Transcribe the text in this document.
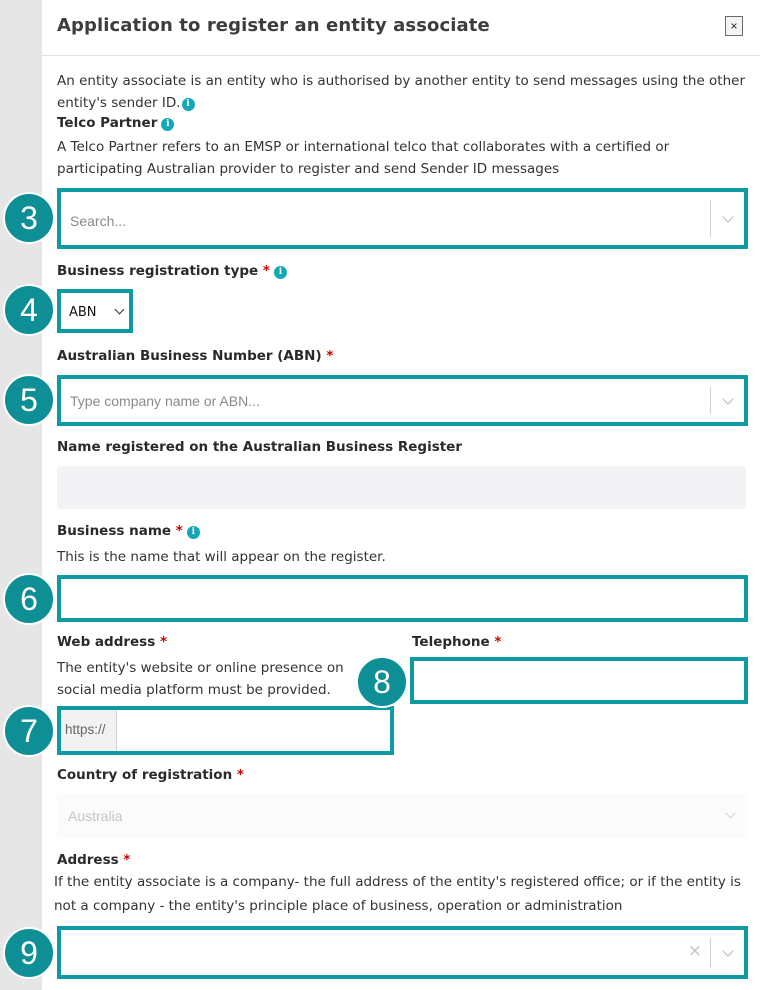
Application to register an entity associate	×
An entity associate is an entity who is authorised by another entity to send messages using the other entity's sender ID. i
Telco Partner i
A Telco Partner refers to an EMSP or international telco that collaborates with a certified or participating Australian provider to register and send Sender ID messages
Search...
Business registration type * i
ABN
Australian Business Number (ABN) *
Type company name or ABN...
Name registered on the Australian Business Register
Business name * i
This is the name that will appear on the register.
Web address *
The entity's website or online presence on social media platform must be provided.
https://
Telephone *
Country of registration *
Australia
Address *
If the entity associate is a company- the full address of the entity's registered office; or if the entity is not a company - the entity's principle place of business, operation or administration
×
3
4
5
6
7
8
9
